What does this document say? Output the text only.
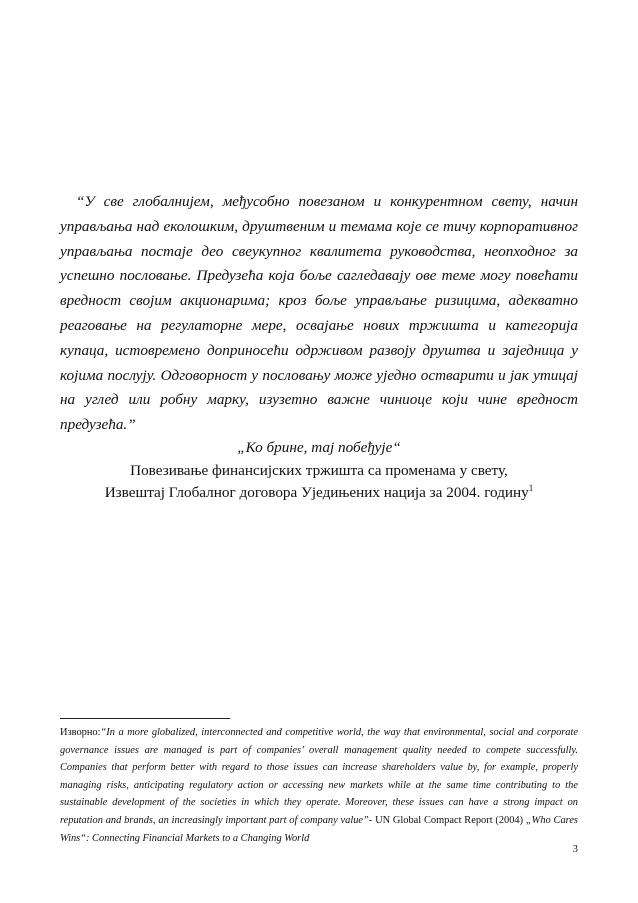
“У све глобалнијем, међусобно повезаном и конкурентном свету, начин управљања над еколошким, друштвеним и темама које се тичу корпоративног управљања постаје део свеукупног квалитета руководства, неопходног за успешно пословање. Предузећа која боље сагледавају ове теме могу повећати вредност својим акционарима; кроз боље управљање ризицима, адекватно реаговање на регулаторне мере, освајање нових тржишта и категорија купаца, истовремено доприносећи одрживом развоју друштва и заједница у којима послују. Одговорност у пословању може уједно остварити и јак утицај на углед или робну марку, изузетно важне чиниоце који чине вредност предузећа.”

„Ко брине, тај побеђује“
Повезивање финансијских тржишта са променама у свету,
Извештај Глобалног договора Уједињених нација за 2004. годину$^1$

Изворно:“In a more globalized, interconnected and competitive world, the way that environmental, social and corporate governance issues are managed is part of companies’ overall management quality needed to compete successfully. Companies that perform better with regard to those issues can increase shareholders value by, for example, properly managing risks, anticipating regulatory action or accessing new markets while at the same time contributing to the sustainable development of the societies in which they operate. Moreover, these issues can have a strong impact on reputation and brands, an increasingly important part of company value”- UN Global Compact Report (2004) „Who Cares Wins“: Connecting Financial Markets to a Changing World

3
